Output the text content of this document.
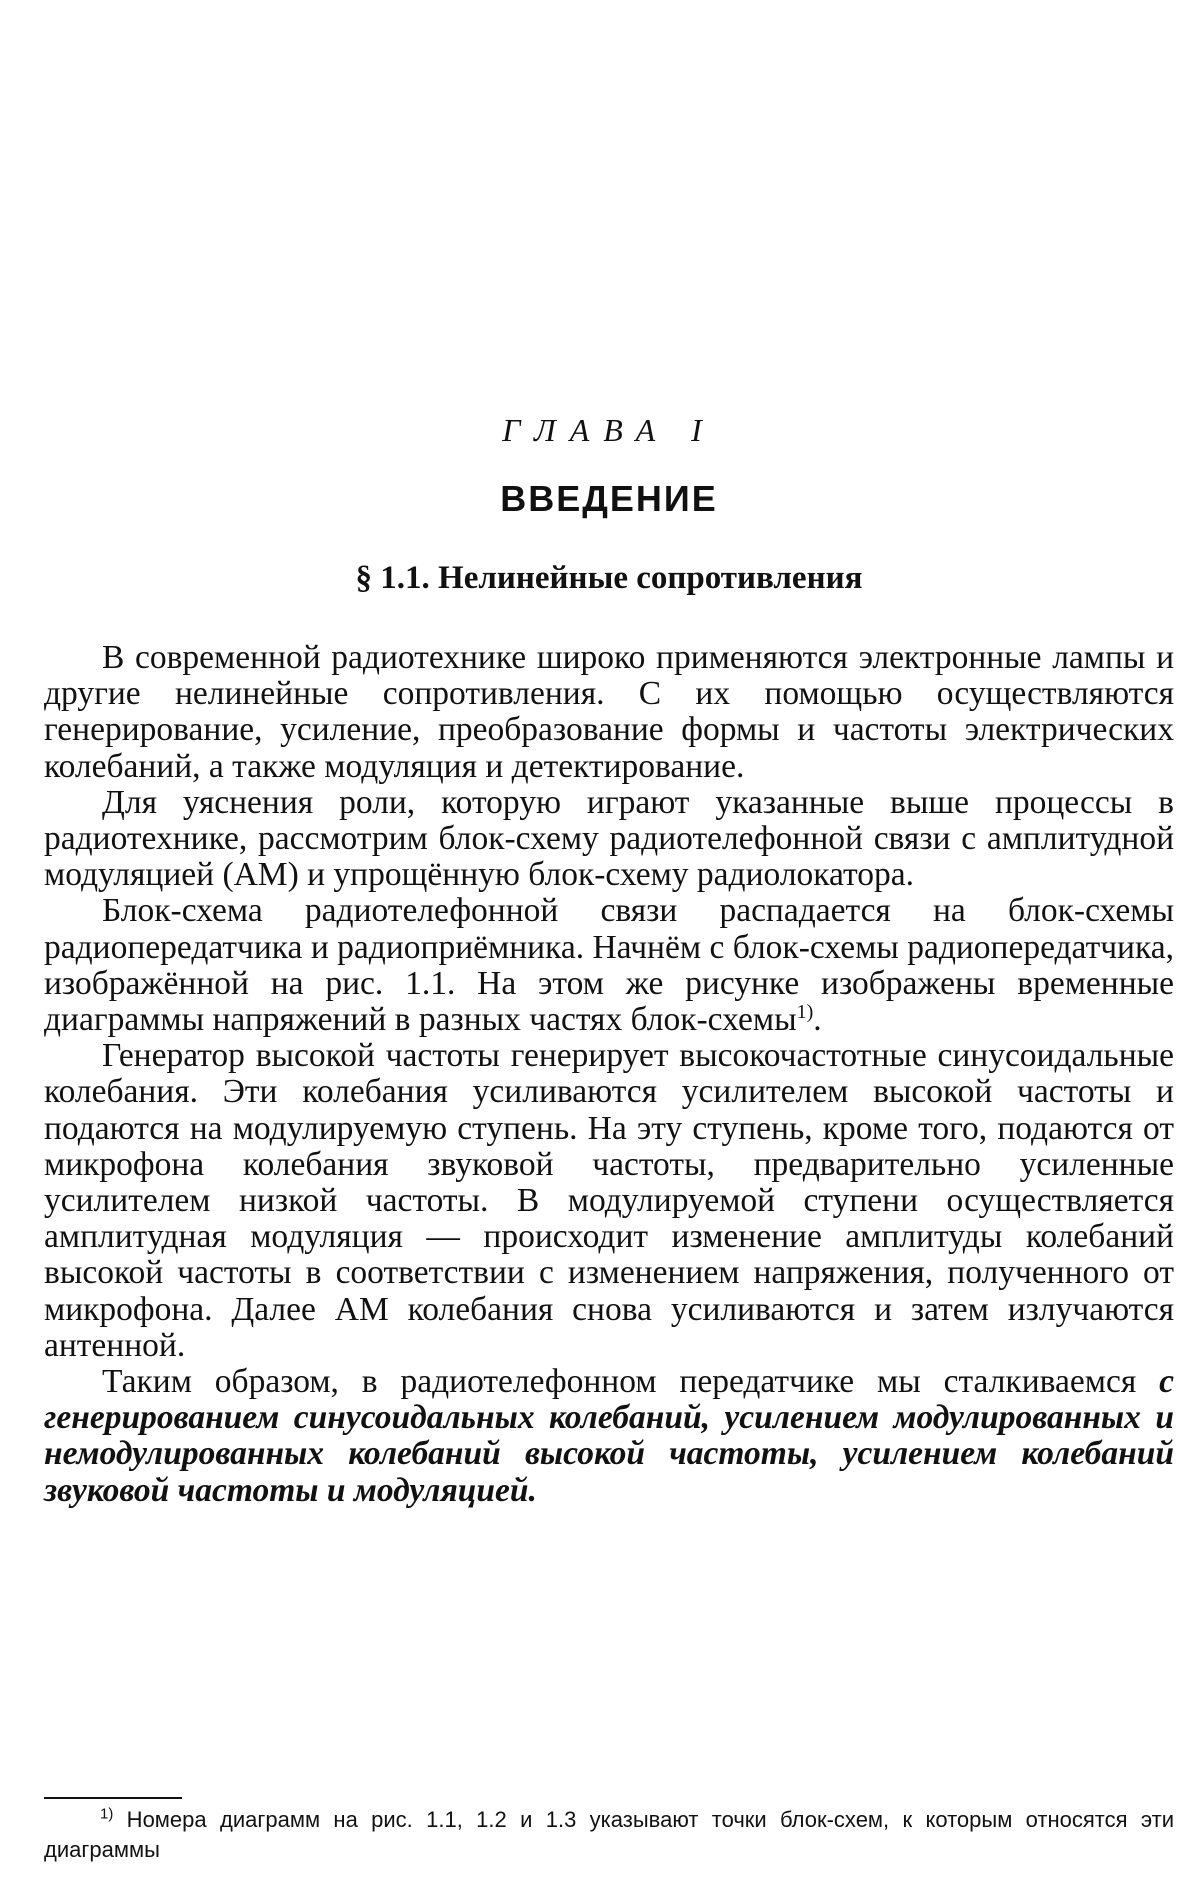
ГЛАВА I
ВВЕДЕНИЕ
§ 1.1. Нелинейные сопротивления

В современной радиотехнике широко применяются электронные лампы и другие нелинейные сопротивления. С их помощью осуществляются генерирование, усиление, преобразование формы и частоты электрических колебаний, а также модуляция и детектирование.

Для уяснения роли, которую играют указанные выше процессы в радиотехнике, рассмотрим блок-схему радиотелефонной связи с амплитудной модуляцией (АМ) и упрощённую блок-схему радиолокатора.

Блок-схема радиотелефонной связи распадается на блок-схемы радиопередатчика и радиоприёмника. Начнём с блок-схемы радиопередатчика, изображённой на рис. 1.1. На этом же рисунке изображены временные диаграммы напряжений в разных частях блок-схемы$^{1)}$.

Генератор высокой частоты генерирует высокочастотные синусоидальные колебания. Эти колебания усиливаются усилителем высокой частоты и подаются на модулируемую ступень. На эту ступень, кроме того, подаются от микрофона колебания звуковой частоты, предварительно усиленные усилителем низкой частоты. В модулируемой ступени осуществляется амплитудная модуляция — происходит изменение амплитуды колебаний высокой частоты в соответствии с изменением напряжения, полученного от микрофона. Далее АМ колебания снова усиливаются и затем излучаются антенной.

Таким образом, в радиотелефонном передатчике мы сталкиваемся с генерированием синусоидальных колебаний, усилением модулированных и немодулированных колебаний высокой частоты, усилением колебаний звуковой частоты и модуляцией.

$^{1)}$ Номера диаграмм на рис. 1.1, 1.2 и 1.3 указывают точки блок-схем, к которым относятся эти диаграммы
